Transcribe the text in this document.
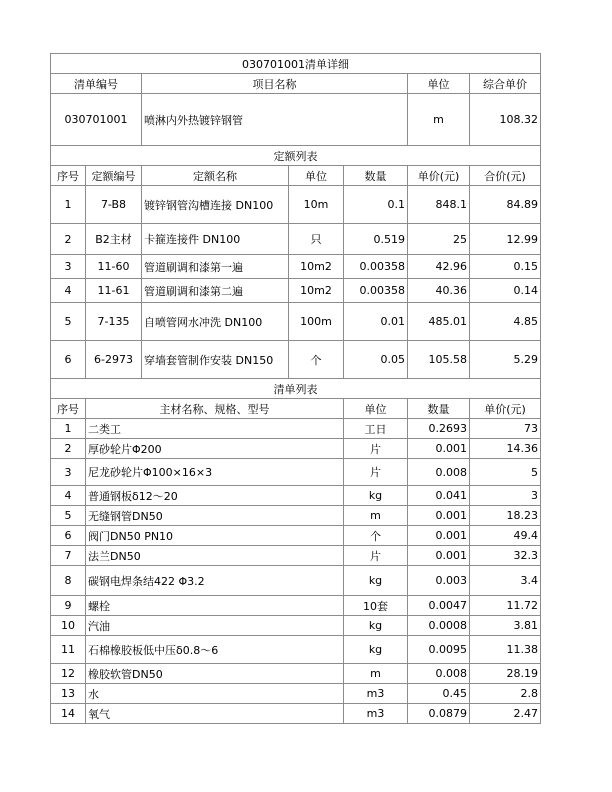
030701001清单详细							
清单编号		项目名称			单位	综合单价	
030701001		喷淋内外热镀锌钢管			m	108.32	
定额列表							
序号	定额编号	定额名称	单位	数量	单价(元)	合价(元)	
1	7-B8	镀锌钢管沟槽连接 DN100	10m	0.1	848.1	84.89	
2	B2主材	卡箍连接件 DN100	只	0.519	25	12.99	
3	11-60	管道刷调和漆第一遍	10m2	0.00358	42.96	0.15	
4	11-61	管道刷调和漆第二遍	10m2	0.00358	40.36	0.14	
5	7-135	自喷管网水冲洗 DN100	100m	0.01	485.01	4.85	
6	6-2973	穿墙套管制作安装 DN150	个	0.05	105.58	5.29	
清单列表							
序号	主材名称、规格、型号			单位	数量	单价(元)	
1	二类工			工日	0.2693	73	
2	厚砂轮片Φ200			片	0.001	14.36	
3	尼龙砂轮片Φ100×16×3			片	0.008	5	
4	普通钢板δ12～20			kg	0.041	3	
5	无缝钢管DN50			m	0.001	18.23	
6	阀门DN50 PN10			个	0.001	49.4	
7	法兰DN50			片	0.001	32.3	
8	碳钢电焊条结422 Φ3.2			kg	0.003	3.4	
9	螺栓			10套	0.0047	11.72	
10	汽油			kg	0.0008	3.81	
11	石棉橡胶板低中压δ0.8～6			kg	0.0095	11.38	
12	橡胶软管DN50			m	0.008	28.19	
13	水			m3	0.45	2.8	
14	氧气			m3	0.0879	2.47	
